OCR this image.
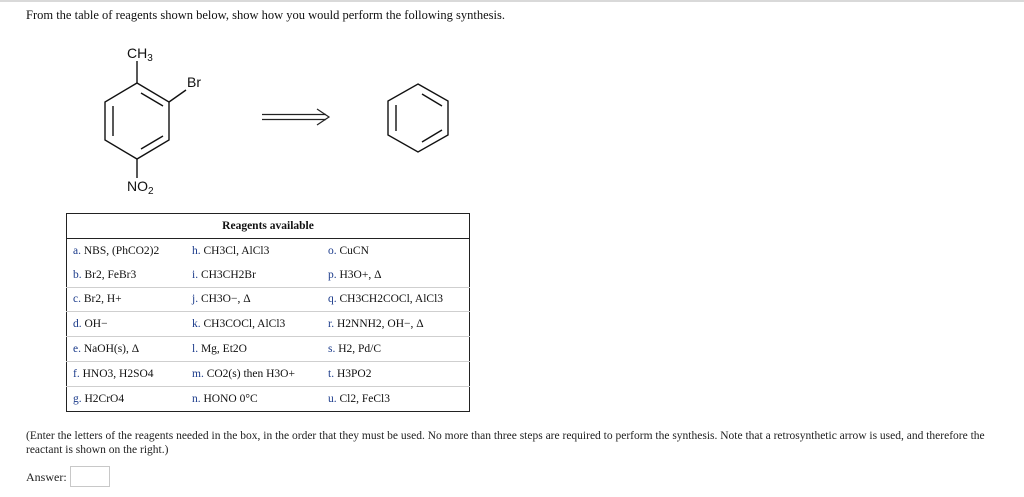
From the table of reagents shown below, show how you would perform the following synthesis.
$CH_3$
Br
$NO_2$
Reagents available		
a. NBS, (PhCO2)2	h. CH3Cl, AlCl3	o. CuCN
b. Br2, FeBr3	i. CH3CH2Br	p. H3O+, Δ
c. Br2, H+	j. CH3O−, Δ	q. CH3CH2COCl, AlCl3
d. OH−	k. CH3COCl, AlCl3	r. H2NNH2, OH−, Δ
e. NaOH(s), Δ	l. Mg, Et2O	s. H2, Pd/C
f. HNO3, H2SO4	m. CO2(s) then H3O+	t. H3PO2
g. H2CrO4	n. HONO 0°C	u. Cl2, FeCl3
(Enter the letters of the reagents needed in the box, in the order that they must be used. No more than three steps are required to perform the synthesis. Note that a retrosynthetic arrow is used, and therefore the reactant is shown on the right.)
Answer:
